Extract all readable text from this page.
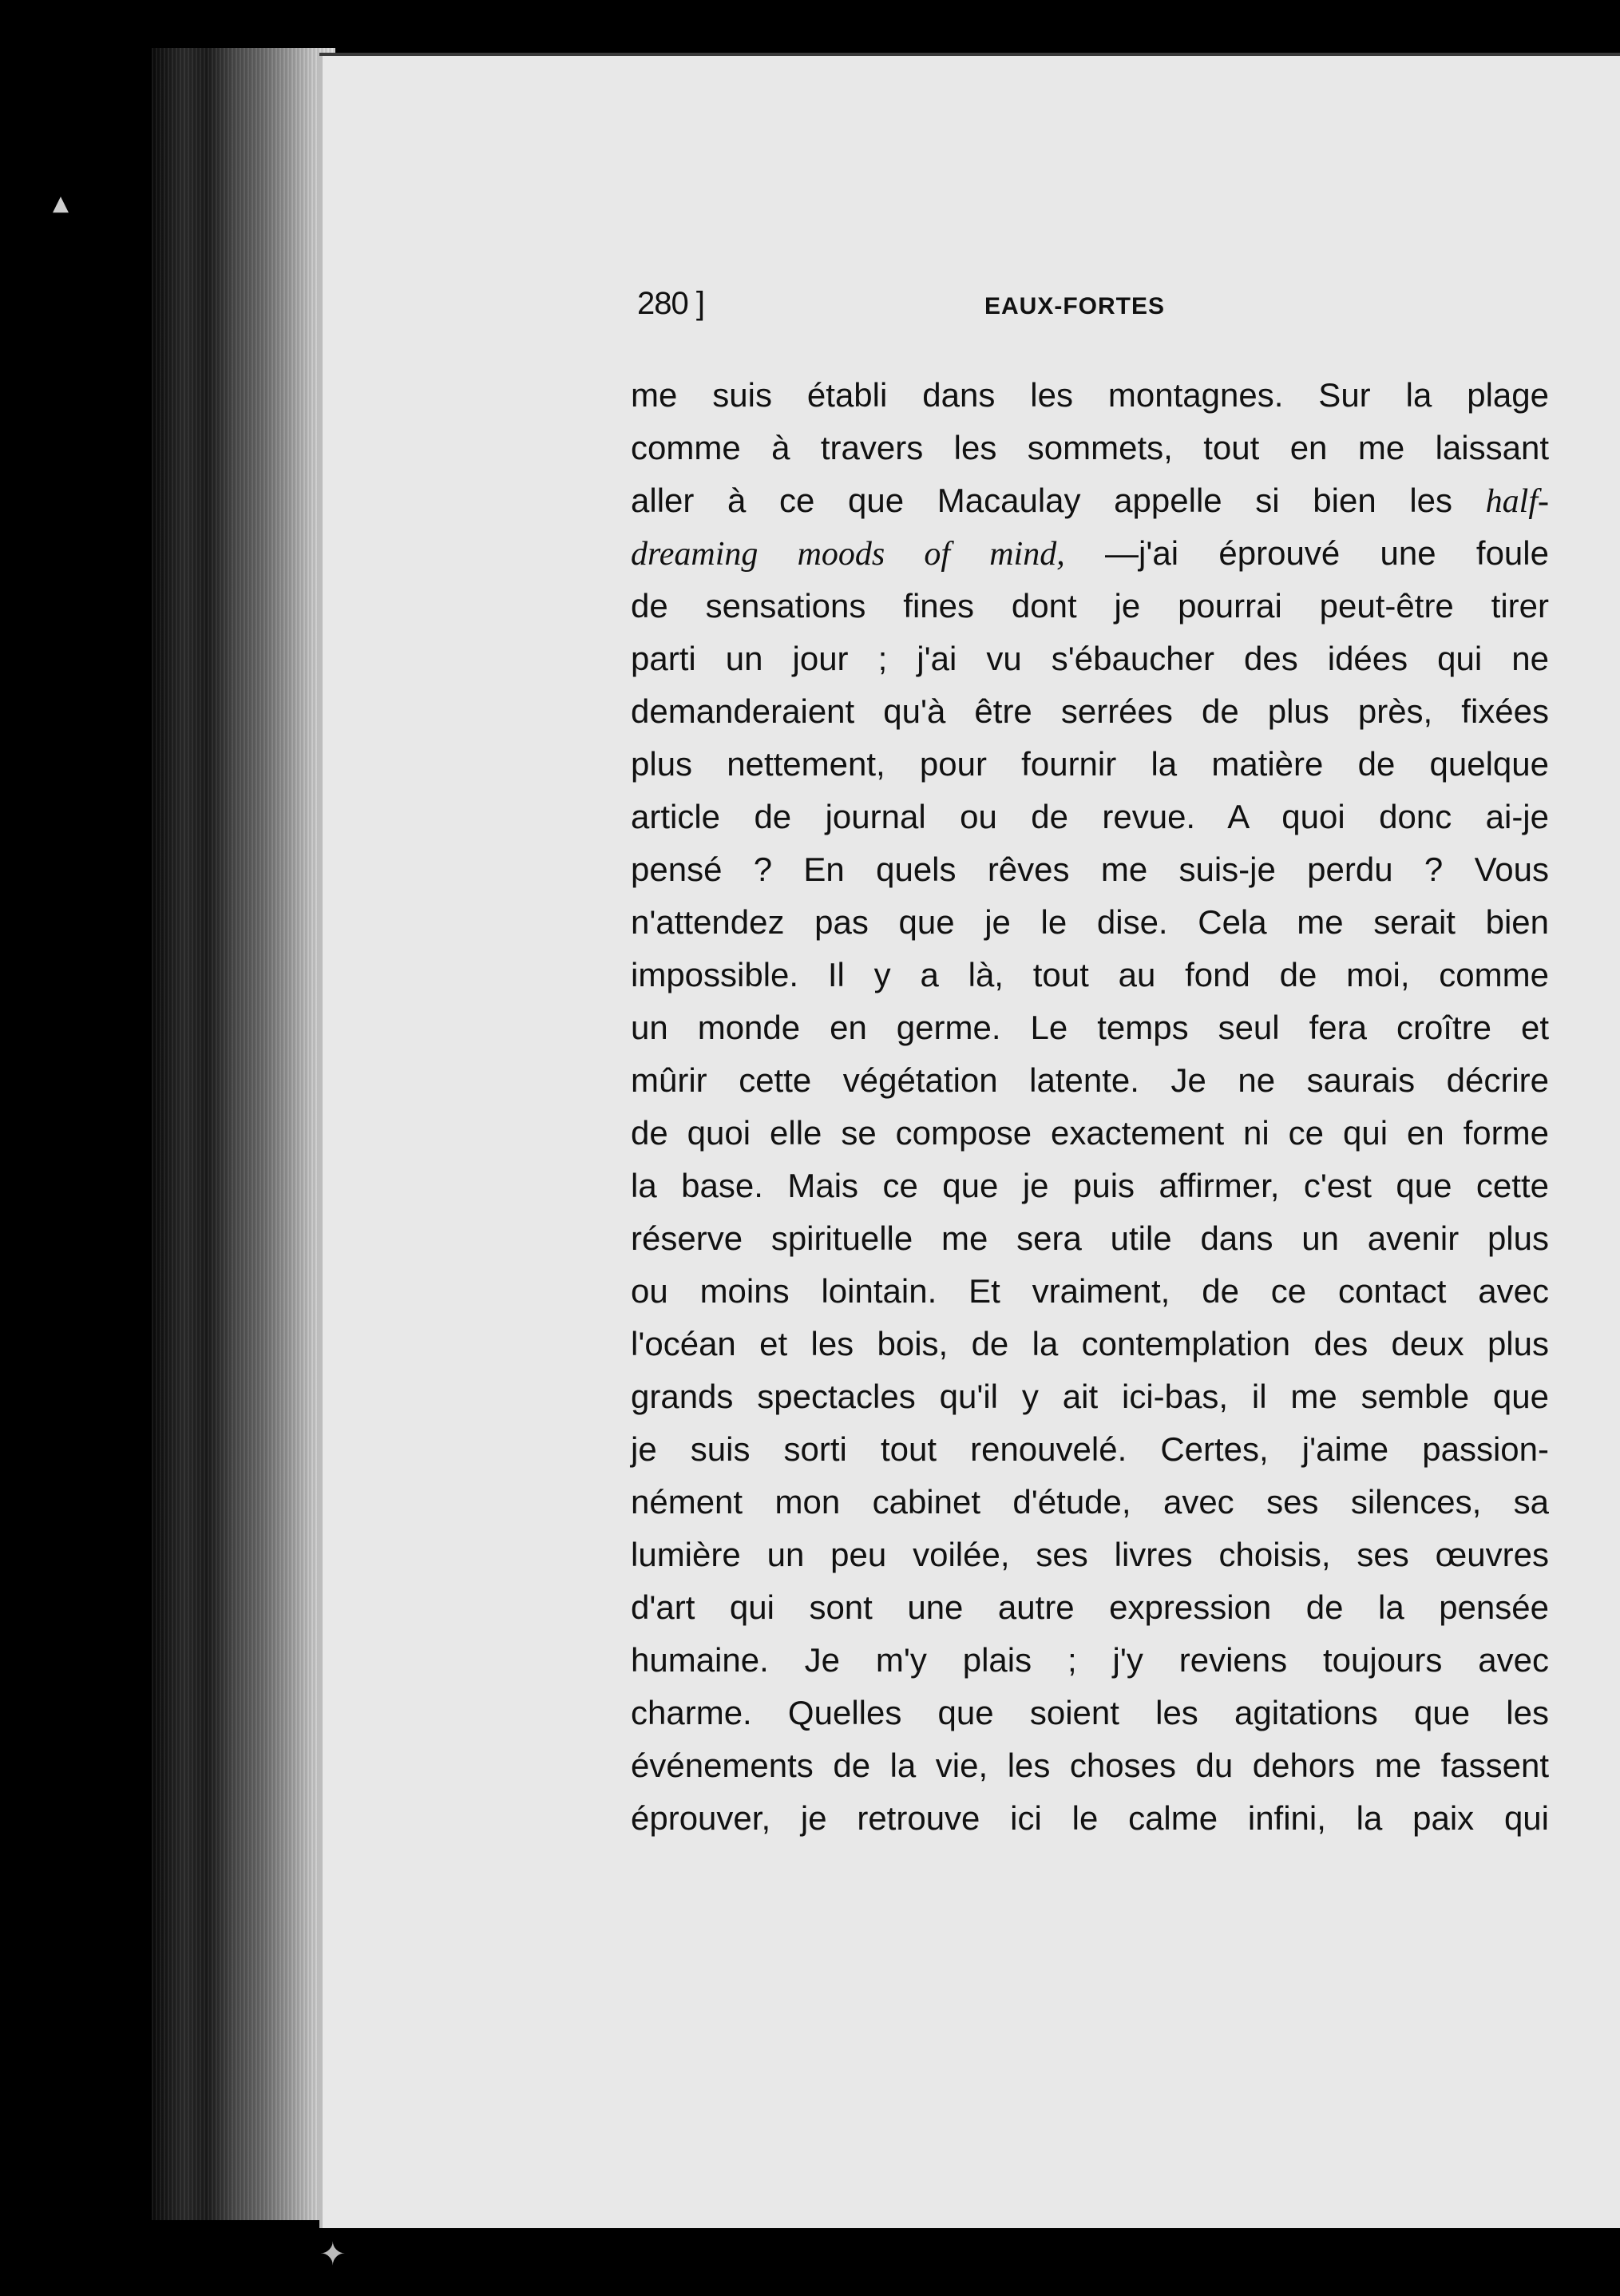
▲
280 ]	EAUX-FORTES
me suis établi dans les montagnes. Sur la plage
comme à travers les sommets, tout en me laissant
aller à ce que Macaulay appelle si bien les half-
dreaming moods of mind, —j'ai éprouvé une foule
de sensations fines dont je pourrai peut-être tirer
parti un jour ; j'ai vu s'ébaucher des idées qui ne
demanderaient qu'à être serrées de plus près, fixées
plus nettement, pour fournir la matière de quelque
article de journal ou de revue. A quoi donc ai-je
pensé ? En quels rêves me suis-je perdu ? Vous
n'attendez pas que je le dise. Cela me serait bien
impossible. Il y a là, tout au fond de moi, comme
un monde en germe. Le temps seul fera croître et
mûrir cette végétation latente. Je ne saurais décrire
de quoi elle se compose exactement ni ce qui en forme
la base. Mais ce que je puis affirmer, c'est que cette
réserve spirituelle me sera utile dans un avenir plus
ou moins lointain. Et vraiment, de ce contact avec
l'océan et les bois, de la contemplation des deux plus
grands spectacles qu'il y ait ici-bas, il me semble que
je suis sorti tout renouvelé. Certes, j'aime passion-
nément mon cabinet d'étude, avec ses silences, sa
lumière un peu voilée, ses livres choisis, ses œuvres
d'art qui sont une autre expression de la pensée
humaine. Je m'y plais ; j'y reviens toujours avec
charme. Quelles que soient les agitations que les
événements de la vie, les choses du dehors me fassent
éprouver, je retrouve ici le calme infini, la paix qui
✦
